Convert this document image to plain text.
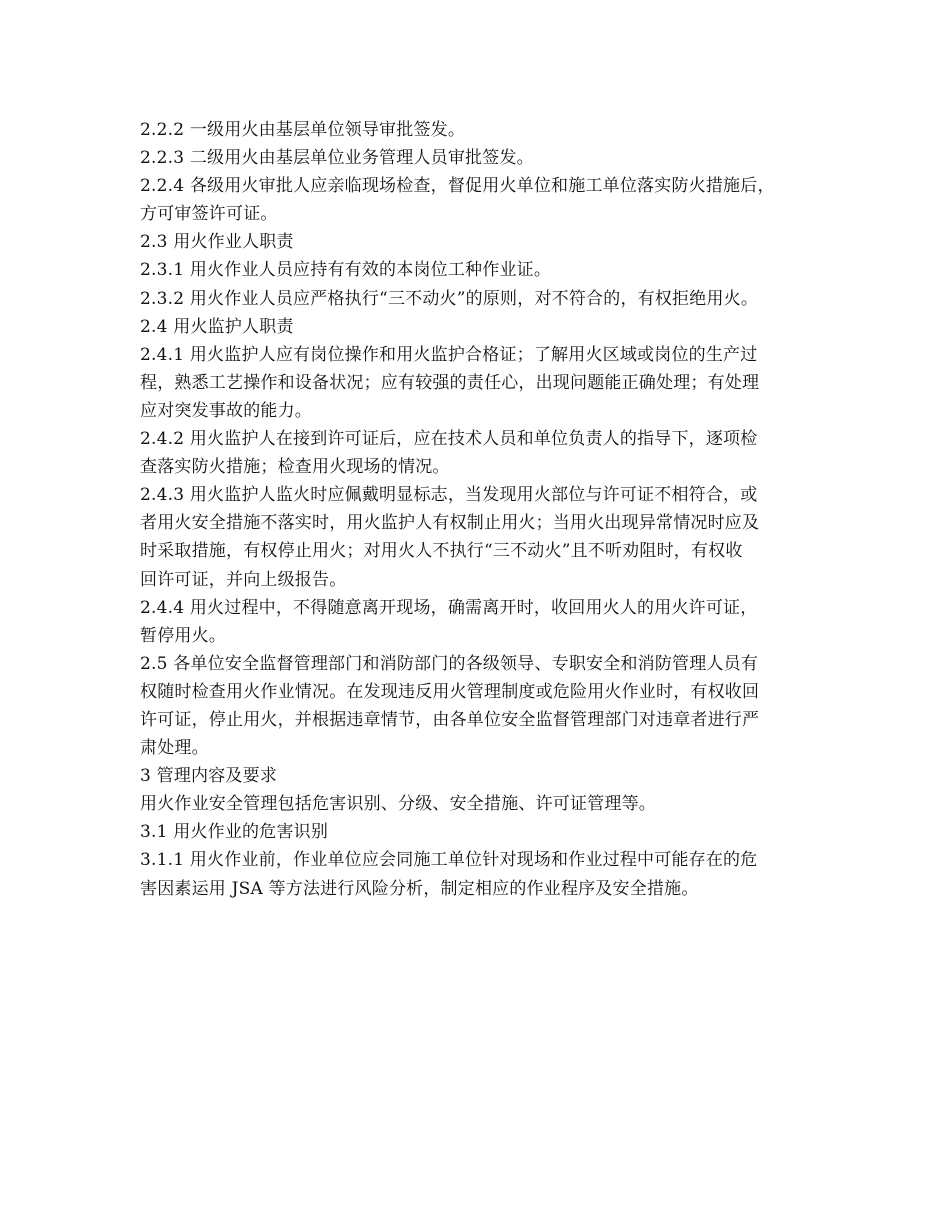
2.2.2 一级用火由基层单位领导审批签发。
2.2.3 二级用火由基层单位业务管理人员审批签发。
2.2.4 各级用火审批人应亲临现场检查，督促用火单位和施工单位落实防火措施后，
方可审签许可证。
2.3 用火作业人职责
2.3.1 用火作业人员应持有有效的本岗位工种作业证。
2.3.2 用火作业人员应严格执行“三不动火”的原则，对不符合的，有权拒绝用火。
2.4 用火监护人职责
2.4.1 用火监护人应有岗位操作和用火监护合格证；了解用火区域或岗位的生产过
程，熟悉工艺操作和设备状况；应有较强的责任心，出现问题能正确处理；有处理
应对突发事故的能力。
2.4.2 用火监护人在接到许可证后，应在技术人员和单位负责人的指导下，逐项检
查落实防火措施；检查用火现场的情况。
2.4.3 用火监护人监火时应佩戴明显标志，当发现用火部位与许可证不相符合，或
者用火安全措施不落实时，用火监护人有权制止用火；当用火出现异常情况时应及
时采取措施，有权停止用火；对用火人不执行“三不动火”且不听劝阻时，有权收
回许可证，并向上级报告。
2.4.4 用火过程中，不得随意离开现场，确需离开时，收回用火人的用火许可证，
暂停用火。
2.5 各单位安全监督管理部门和消防部门的各级领导、专职安全和消防管理人员有
权随时检查用火作业情况。在发现违反用火管理制度或危险用火作业时，有权收回
许可证，停止用火，并根据违章情节，由各单位安全监督管理部门对违章者进行严
肃处理。
3 管理内容及要求
用火作业安全管理包括危害识别、分级、安全措施、许可证管理等。
3.1 用火作业的危害识别
3.1.1 用火作业前，作业单位应会同施工单位针对现场和作业过程中可能存在的危
害因素运用 JSA 等方法进行风险分析，制定相应的作业程序及安全措施。
